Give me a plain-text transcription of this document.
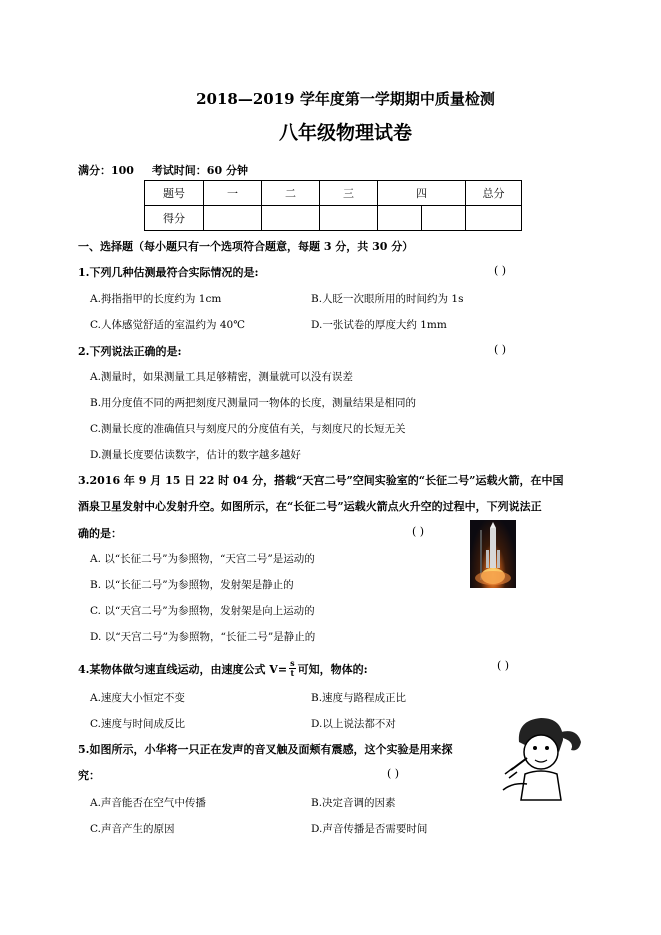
2018—2019 学年度第一学期期中质量检测
八年级物理试卷
满分：100 考试时间：60 分钟
题号	一	二	三	四		总分
得分						
一、选择题（每小题只有一个选项符合题意，每题 3 分，共 30 分）
1.下列几种估测最符合实际情况的是:	( )
A.拇指指甲的长度约为 1cm	B.人眨一次眼所用的时间约为 1s
C.人体感觉舒适的室温约为 40℃	D.一张试卷的厚度大约 1mm
2.下列说法正确的是:	( )
A.测量时，如果测量工具足够精密，测量就可以没有误差
B.用分度值不同的两把刻度尺测量同一物体的长度，测量结果是相同的
C.测量长度的准确值只与刻度尺的分度值有关，与刻度尺的长短无关
D.测量长度要估读数字，估计的数字越多越好
3.2016 年 9 月 15 日 22 时 04 分，搭载“天宫二号”空间实验室的“长征二号”运载火箭，在中国
酒泉卫星发射中心发射升空。如图所示，在“长征二号”运载火箭点火升空的过程中，下列说法正
确的是：	( )
A. 以“长征二号”为参照物，“天宫二号”是运动的
B. 以“长征二号”为参照物，发射架是静止的
C. 以“天宫二号”为参照物，发射架是向上运动的
D. 以“天宫二号”为参照物，“长征二号”是静止的
4.某物体做匀速直线运动，由速度公式 $V= \frac{s}{t}$ 可知，物体的:	( )
A.速度大小恒定不变	B.速度与路程成正比
C.速度与时间成反比	D.以上说法都不对
5.如图所示，小华将一只正在发声的音叉触及面颊有震感，这个实验是用来探
究：	( )
A.声音能否在空气中传播	B.决定音调的因素
C.声音产生的原因	D.声音传播是否需要时间
